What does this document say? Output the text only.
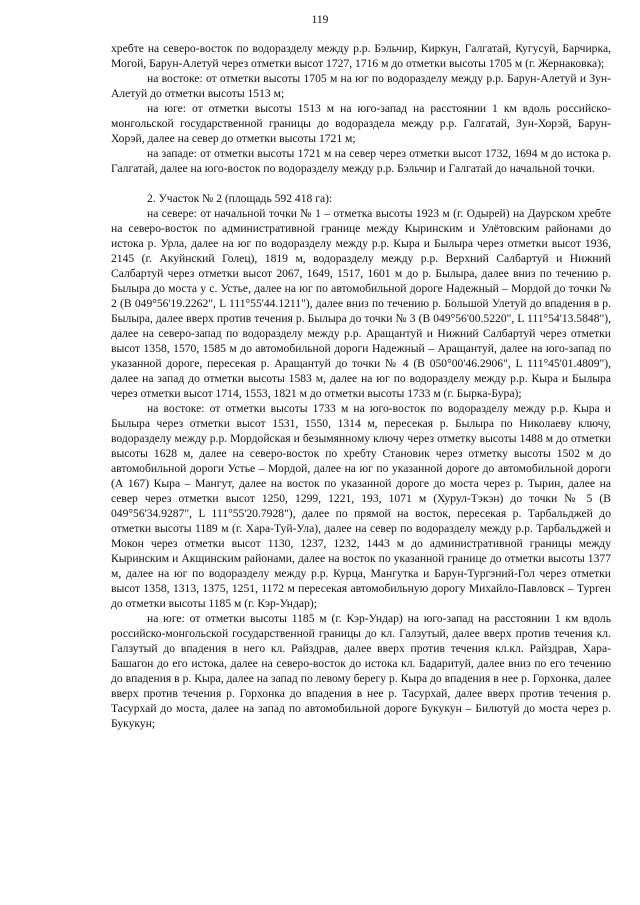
119

хребте на северо-восток по водоразделу между р.р. Бэльчир, Киркун, Галгатай, Кугусуй, Барчирка, Могой, Барун-Алетуй через отметки высот 1727, 1716 м до отметки высоты 1705 м (г. Жернаковка);

на востоке: от отметки высоты 1705 м на юг по водоразделу между р.р. Барун-Алетуй и Зун-Алетуй до отметки высоты 1513 м;

на юге: от отметки высоты 1513 м на юго-запад на расстоянии 1 км вдоль российско-монгольской государственной границы до водораздела между р.р. Галгатай, Зун-Хорэй, Барун-Хорэй, далее на север до отметки высоты 1721 м;

на западе: от отметки высоты 1721 м на север через отметки высот 1732, 1694 м до истока р. Галгатай, далее на юго-восток по водоразделу между р.р. Бэльчир и Галгатай до начальной точки.

2. Участок № 2 (площадь 592 418 га):

на севере: от начальной точки № 1 – отметка высоты 1923 м (г. Одырей) на Даурском хребте на северо-восток по административной границе между Кыринским и Улётовским районами до истока р. Урла, далее на юг по водоразделу между р.р. Кыра и Былыра через отметки высот 1936, 2145 (г. Акуйнский Голец), 1819 м, водоразделу между р.р. Верхний Салбартуй и Нижний Салбартуй через отметки высот 2067, 1649, 1517, 1601 м до р. Былыра, далее вниз по течению р. Былыра до моста у с. Устье, далее на юг по автомобильной дороге Надежный – Мордой до точки № 2 (В 049°56'19.2262", L 111°55'44.1211"), далее вниз по течению р. Большой Улетуй до впадения в р. Былыра, далее вверх против течения р. Былыра до точки № 3 (В 049°56'00.5220", L 111°54'13.5848"), далее на северо-запад по водоразделу между р.р. Аращантуй и Нижний Салбартуй через отметки высот 1358, 1570, 1585 м до автомобильной дороги Надежный – Аращантуй, далее на юго-запад по указанной дороге, пересекая р. Аращантуй до точки № 4 (В 050°00'46.2906", L 111°45'01.4809"), далее на запад до отметки высоты 1583 м, далее на юг по водоразделу между р.р. Кыра и Былыра через отметки высот 1714, 1553, 1821 м до отметки высоты 1733 м (г. Бырка-Бура);

на востоке: от отметки высоты 1733 м на юго-восток по водоразделу между р.р. Кыра и Былыра через отметки высот 1531, 1550, 1314 м, пересекая р. Былыра по Николаеву ключу, водоразделу между р.р. Мордойская и безымянному ключу через отметку высоты 1488 м до отметки высоты 1628 м, далее на северо-восток по хребту Становик через отметку высоты 1502 м до автомобильной дороги Устье – Мордой, далее на юг по указанной дороге до автомобильной дороги (А 167) Кыра – Мангут, далее на восток по указанной дороге до моста через р. Тырин, далее на север через отметки высот 1250, 1299, 1221, 193, 1071 м (Хурул-Тэкэн) до точки № 5 (В 049°56'34.9287", L 111°55'20.7928"), далее по прямой на восток, пересекая р. Тарбальджей до отметки высоты 1189 м (г. Хара-Туй-Ула), далее на север по водоразделу между р.р. Тарбальджей и Мокон через отметки высот 1130, 1237, 1232, 1443 м до административной границы между Кыринским и Акщинским районами, далее на восток по указанной границе до отметки высоты 1377 м, далее на юг по водоразделу между р.р. Курца, Мангутка и Барун-Тургэний-Гол через отметки высот 1358, 1313, 1375, 1251, 1172 м пересекая автомобильную дорогу Михайло-Павловск – Турген до отметки высоты 1185 м (г. Кэр-Ундар);

на юге: от отметки высоты 1185 м (г. Кэр-Ундар) на юго-запад на расстоянии 1 км вдоль российско-монгольской государственной границы до кл. Галзутый, далее вверх против течения кл. Галзутый до впадения в него кл. Райздрав, далее вверх против течения кл.кл. Райздрав, Хара-Башагон до его истока, далее на северо-восток до истока кл. Бадаритуй, далее вниз по его течению до впадения в р. Кыра, далее на запад по левому берегу р. Кыра до впадения в нее р. Горхонка, далее вверх против течения р. Горхонка до впадения в нее р. Тасурхай, далее вверх против течения р. Тасурхай до моста, далее на запад по автомобильной дороге Букукун – Билютуй до моста через р. Букукун;
